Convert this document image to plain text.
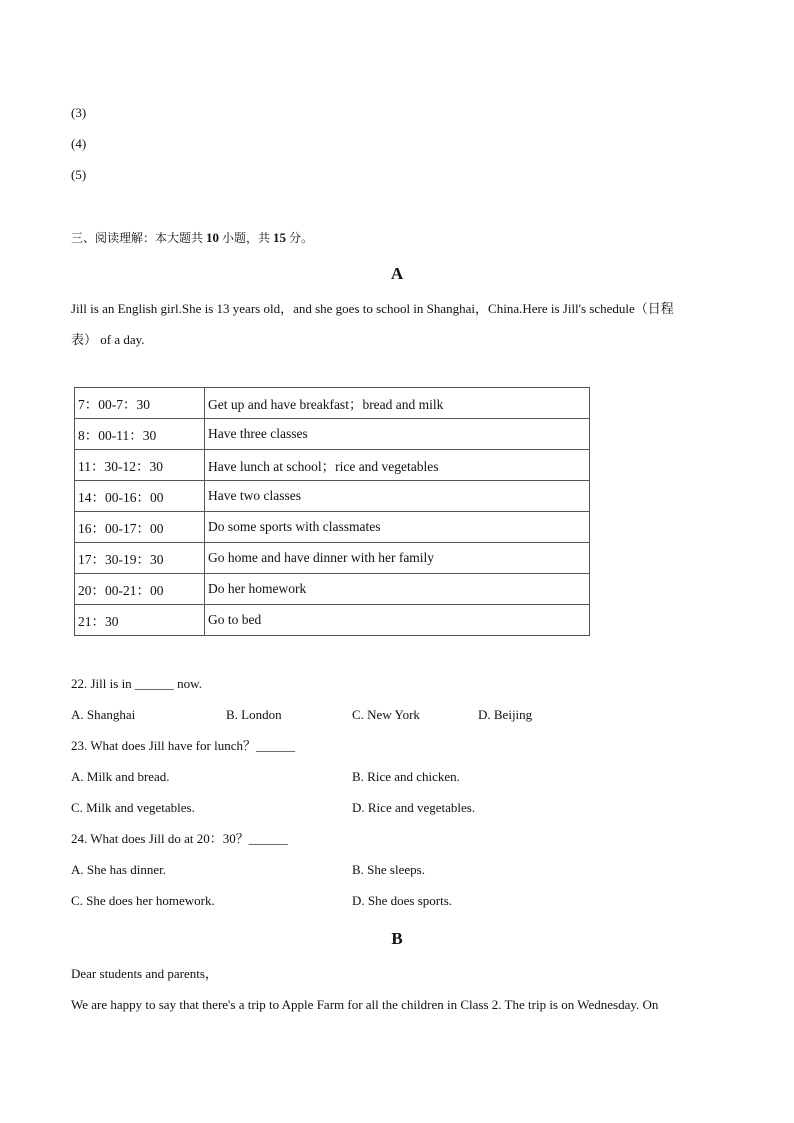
(3)
(4)
(5)
三、阅读理解：本大题共 10 小题，共 15 分。
A
Jill is an English girl.She is 13 years old，and she goes to school in Shanghai，China.Here is Jill's schedule（日程
表） of a day.
7：00-7：30	Get up and have breakfast；bread and milk
8：00-11：30	Have three classes
11：30-12：30	Have lunch at school；rice and vegetables
14：00-16：00	Have two classes
16：00-17：00	Do some sports with classmates
17：30-19：30	Go home and have dinner with her family
20：00-21：00	Do her homework
21：30	Go to bed
22. Jill is in ______ now.
A. Shanghai	B. London	C. New York	D. Beijing
23. What does Jill have for lunch？______
A. Milk and bread.	B. Rice and chicken.
C. Milk and vegetables.	D. Rice and vegetables.
24. What does Jill do at 20：30？______
A. She has dinner.	B. She sleeps.
C. She does her homework.	D. She does sports.
B
Dear students and parents，
We are happy to say that there's a trip to Apple Farm for all the children in Class 2. The trip is on Wednesday. On
